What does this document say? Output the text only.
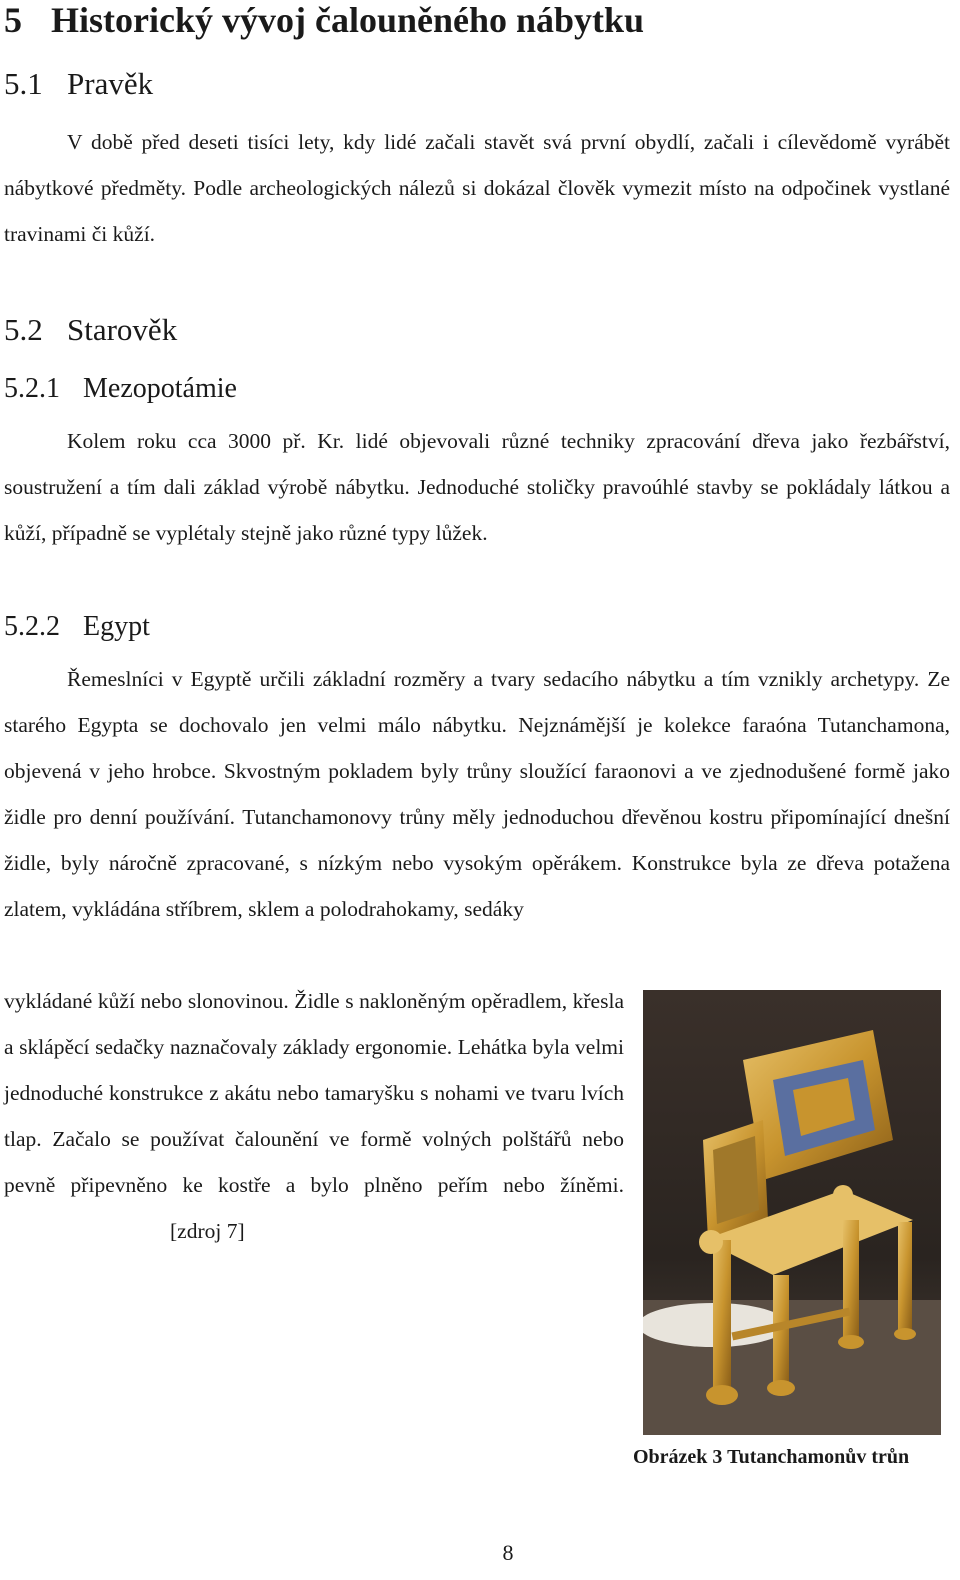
5 Historický vývoj čalouněného nábytku
5.1 Pravěk

V době před deseti tisíci lety, kdy lidé začali stavět svá první obydlí, začali i cílevědomě vyrábět nábytkové předměty. Podle archeologických nálezů si dokázal člověk vymezit místo na odpočinek vystlané travinami či kůží.

5.2 Starověk
5.2.1 Mezopotámie

Kolem roku cca 3000 př. Kr. lidé objevovali různé techniky zpracování dřeva jako řezbářství, soustružení a tím dali základ výrobě nábytku. Jednoduché stoličky pravoúhlé stavby se pokládaly látkou a kůží, případně se vyplétaly stejně jako různé typy lůžek.

5.2.2 Egypt

Řemeslníci v Egyptě určili základní rozměry a tvary sedacího nábytku a tím vznikly archetypy. Ze starého Egypta se dochovalo jen velmi málo nábytku. Nejznámější je kolekce faraóna Tutanchamona, objevená v jeho hrobce. Skvostným pokladem byly trůny sloužící faraonovi a ve zjednodušené formě jako židle pro denní používání. Tutanchamonovy trůny měly jednoduchou dřevěnou kostru připomínající dnešní židle, byly náročně zpracované, s nízkým nebo vysokým opěrákem. Konstrukce byla ze dřeva potažena zlatem, vykládána stříbrem, sklem a polodrahokamy, sedáky

vykládané kůží nebo slonovinou. Židle s nakloněným opěradlem, křesla a sklápěcí sedačky naznačovaly základy ergonomie. Lehátka byla velmi jednoduché konstrukce z akátu nebo tamaryšku s nohami ve tvaru lvích tlap. Začalo se používat čalounění ve formě volných polštářů nebo pevně připevněno ke kostře a bylo plněno peřím nebo žíněmi.[zdroj 7]

Obrázek 3 Tutanchamonův trůn

8
